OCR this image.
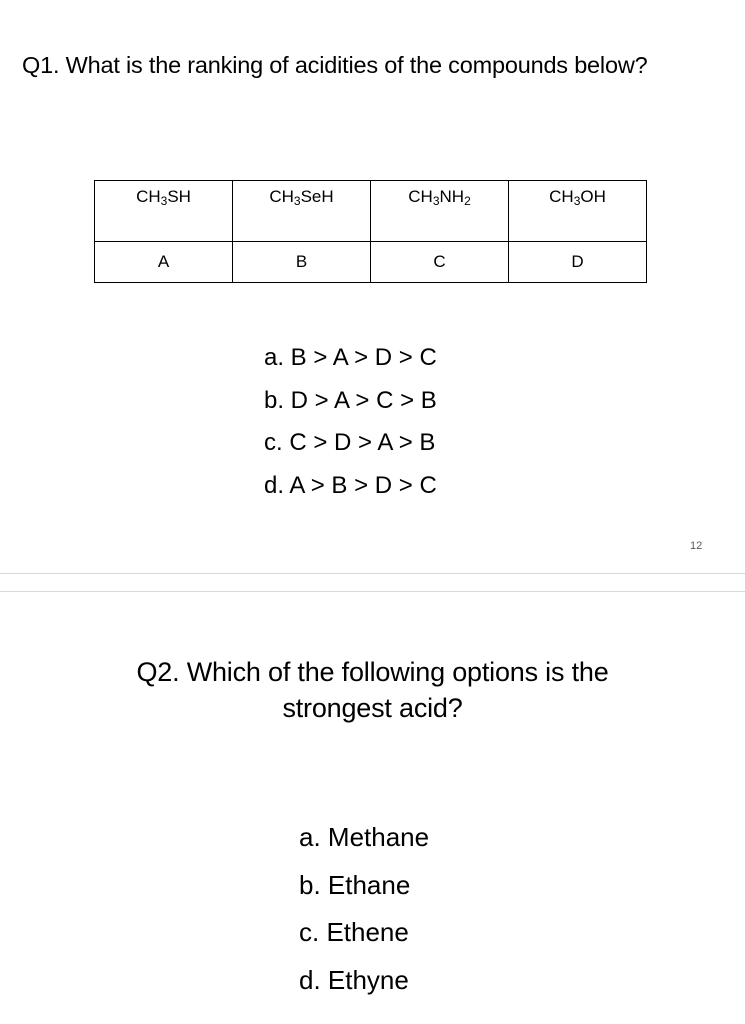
Q1. What is the ranking of acidities of the compounds below?
$CH_3SH$	$CH_3SeH$	$CH_3NH_2$	$CH_3OH$
A	B	C	D
a. B > A > D > C
b. D > A > C > B
c. C > D > A > B
d. A > B > D > C
12
Q2. Which of the following options is the
strongest acid?
a. Methane
b. Ethane
c. Ethene
d. Ethyne
